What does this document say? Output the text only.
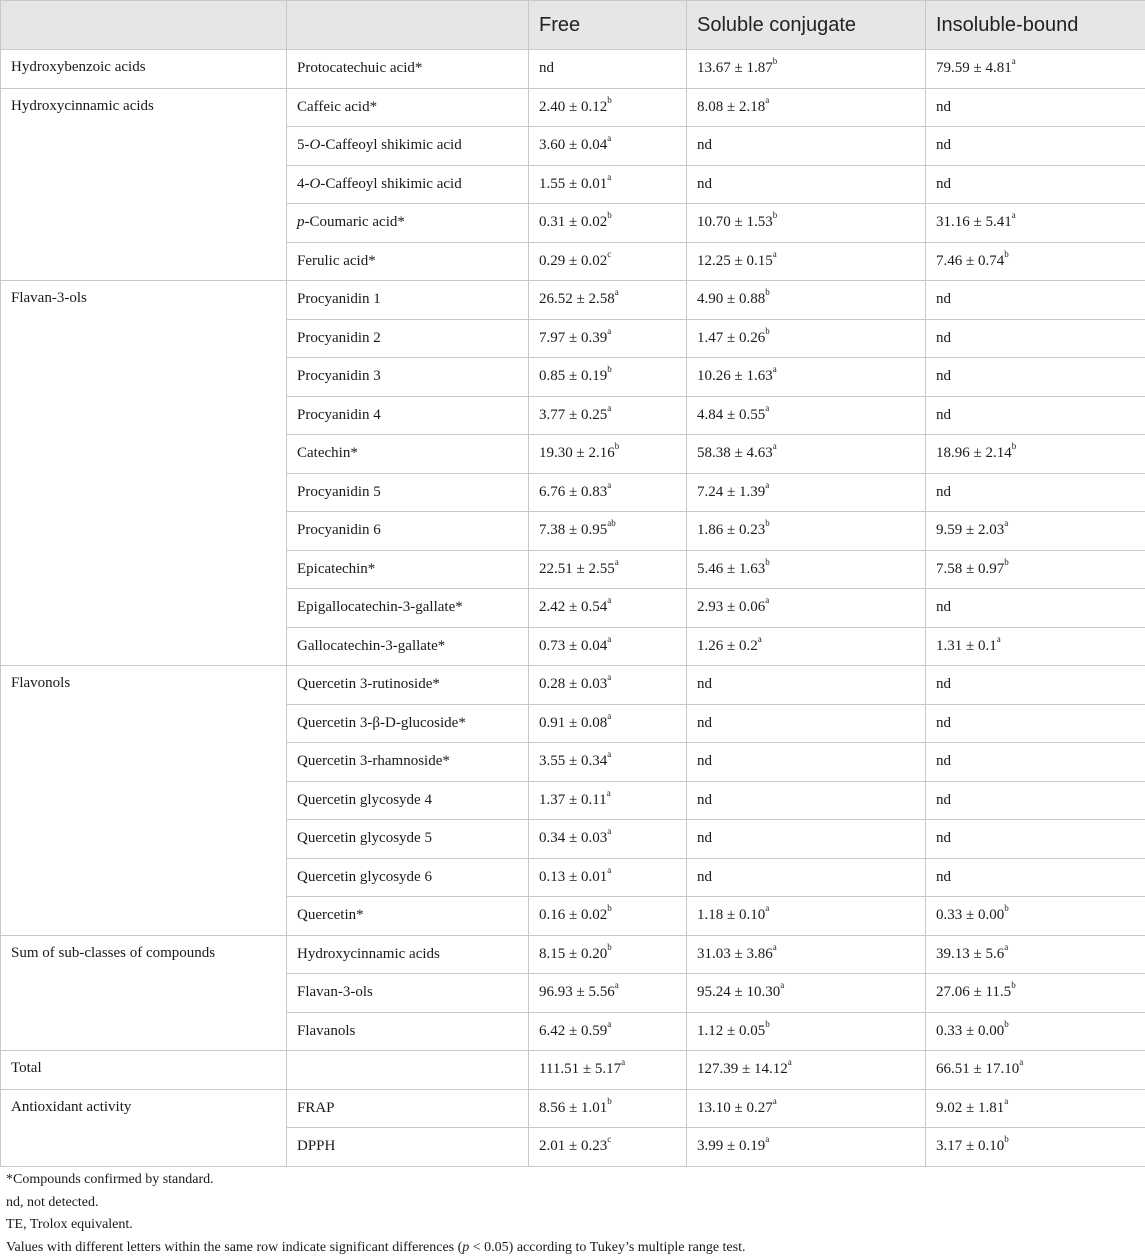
		Free	Soluble conjugate	Insoluble-bound
Hydroxybenzoic acids	Protocatechuic acid*	nd	13.67 ± 1.87$^b$	79.59 ± 4.81$^a$
Hydroxycinnamic acids	Caffeic acid*	2.40 ± 0.12$^b$	8.08 ± 2.18$^a$	nd
	5-O-Caffeoyl shikimic acid	3.60 ± 0.04$^a$	nd	nd
	4-O-Caffeoyl shikimic acid	1.55 ± 0.01$^a$	nd	nd
	p-Coumaric acid*	0.31 ± 0.02$^b$	10.70 ± 1.53$^b$	31.16 ± 5.41$^a$
	Ferulic acid*	0.29 ± 0.02$^c$	12.25 ± 0.15$^a$	7.46 ± 0.74$^b$
Flavan-3-ols	Procyanidin 1	26.52 ± 2.58$^a$	4.90 ± 0.88$^b$	nd
	Procyanidin 2	7.97 ± 0.39$^a$	1.47 ± 0.26$^b$	nd
	Procyanidin 3	0.85 ± 0.19$^b$	10.26 ± 1.63$^a$	nd
	Procyanidin 4	3.77 ± 0.25$^a$	4.84 ± 0.55$^a$	nd
	Catechin*	19.30 ± 2.16$^b$	58.38 ± 4.63$^a$	18.96 ± 2.14$^b$
	Procyanidin 5	6.76 ± 0.83$^a$	7.24 ± 1.39$^a$	nd
	Procyanidin 6	7.38 ± 0.95$^{ab}$	1.86 ± 0.23$^b$	9.59 ± 2.03$^a$
	Epicatechin*	22.51 ± 2.55$^a$	5.46 ± 1.63$^b$	7.58 ± 0.97$^b$
	Epigallocatechin-3-gallate*	2.42 ± 0.54$^a$	2.93 ± 0.06$^a$	nd
	Gallocatechin-3-gallate*	0.73 ± 0.04$^a$	1.26 ± 0.2$^a$	1.31 ± 0.1$^a$
Flavonols	Quercetin 3-rutinoside*	0.28 ± 0.03$^a$	nd	nd
	Quercetin 3-β-D-glucoside*	0.91 ± 0.08$^a$	nd	nd
	Quercetin 3-rhamnoside*	3.55 ± 0.34$^a$	nd	nd
	Quercetin glycosyde 4	1.37 ± 0.11$^a$	nd	nd
	Quercetin glycosyde 5	0.34 ± 0.03$^a$	nd	nd
	Quercetin glycosyde 6	0.13 ± 0.01$^a$	nd	nd
	Quercetin*	0.16 ± 0.02$^b$	1.18 ± 0.10$^a$	0.33 ± 0.00$^b$
Sum of sub-classes of compounds	Hydroxycinnamic acids	8.15 ± 0.20$^b$	31.03 ± 3.86$^a$	39.13 ± 5.6$^a$
	Flavan-3-ols	96.93 ± 5.56$^a$	95.24 ± 10.30$^a$	27.06 ± 11.5$^b$
	Flavanols	6.42 ± 0.59$^a$	1.12 ± 0.05$^b$	0.33 ± 0.00$^b$
Total		111.51 ± 5.17$^a$	127.39 ± 14.12$^a$	66.51 ± 17.10$^a$
Antioxidant activity	FRAP	8.56 ± 1.01$^b$	13.10 ± 0.27$^a$	9.02 ± 1.81$^a$
	DPPH	2.01 ± 0.23$^c$	3.99 ± 0.19$^a$	3.17 ± 0.10$^b$
*Compounds confirmed by standard.
nd, not detected.
TE, Trolox equivalent.
Values with different letters within the same row indicate significant differences (p < 0.05) according to Tukey’s multiple range test.
